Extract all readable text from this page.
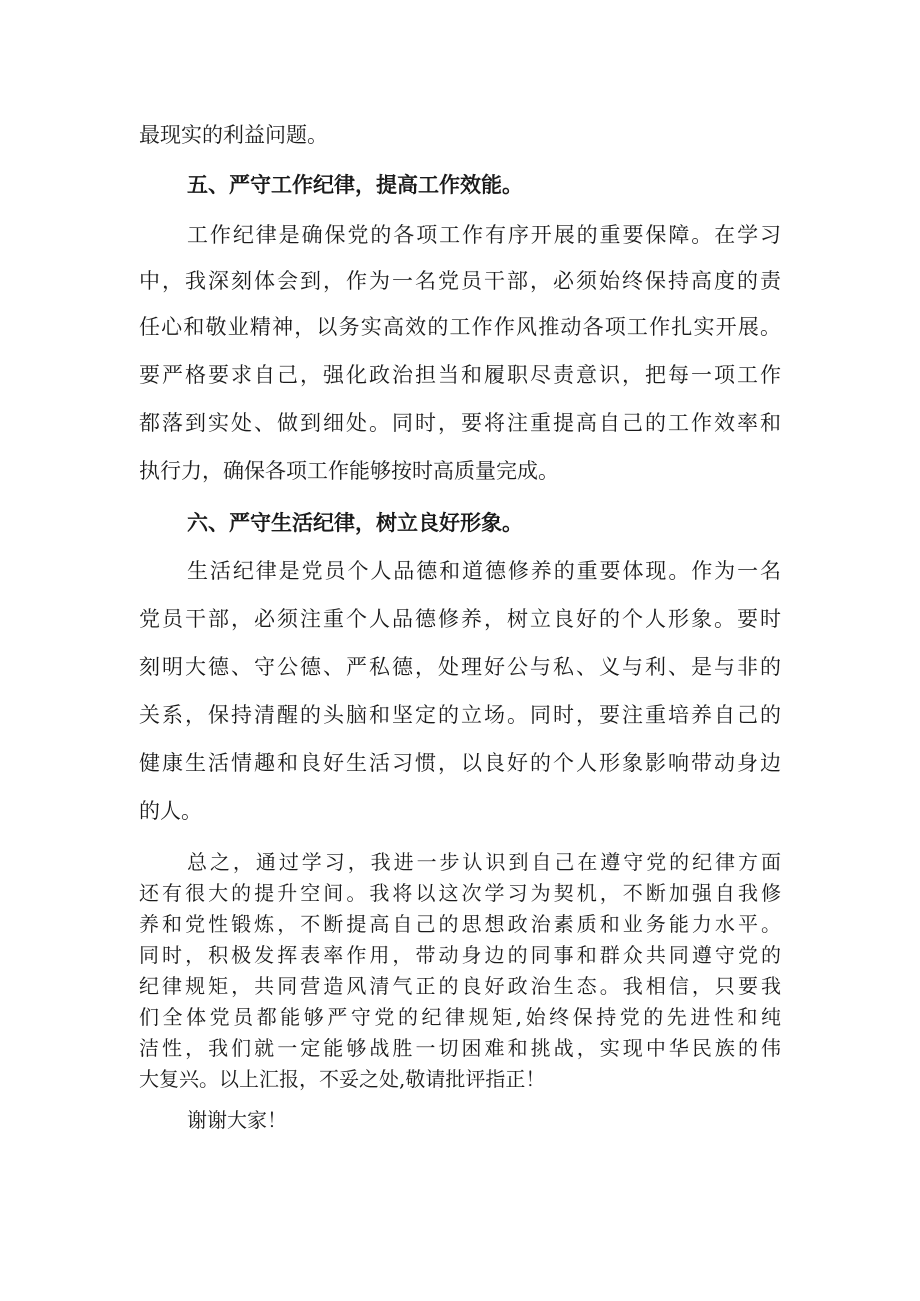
最现实的利益问题。

五、严守工作纪律，提高工作效能。

工作纪律是确保党的各项工作有序开展的重要保障。在学习

中，我深刻体会到，作为一名党员干部，必须始终保持高度的责

任心和敬业精神，以务实高效的工作作风推动各项工作扎实开展。

要严格要求自己，强化政治担当和履职尽责意识，把每一项工作

都落到实处、做到细处。同时，要将注重提高自己的工作效率和

执行力，确保各项工作能够按时高质量完成。

六、严守生活纪律，树立良好形象。

生活纪律是党员个人品德和道德修养的重要体现。作为一名

党员干部，必须注重个人品德修养，树立良好的个人形象。要时

刻明大德、守公德、严私德，处理好公与私、义与利、是与非的

关系，保持清醒的头脑和坚定的立场。同时，要注重培养自己的

健康生活情趣和良好生活习惯，以良好的个人形象影响带动身边

的人。

总之，通过学习，我进一步认识到自己在遵守党的纪律方面

还有很大的提升空间。我将以这次学习为契机，不断加强自我修

养和党性锻炼，不断提高自己的思想政治素质和业务能力水平。

同时，积极发挥表率作用，带动身边的同事和群众共同遵守党的

纪律规矩，共同营造风清气正的良好政治生态。我相信，只要我

们全体党员都能够严守党的纪律规矩,始终保持党的先进性和纯

洁性，我们就一定能够战胜一切困难和挑战，实现中华民族的伟

大复兴。以上汇报，不妥之处,敬请批评指正！

谢谢大家！
